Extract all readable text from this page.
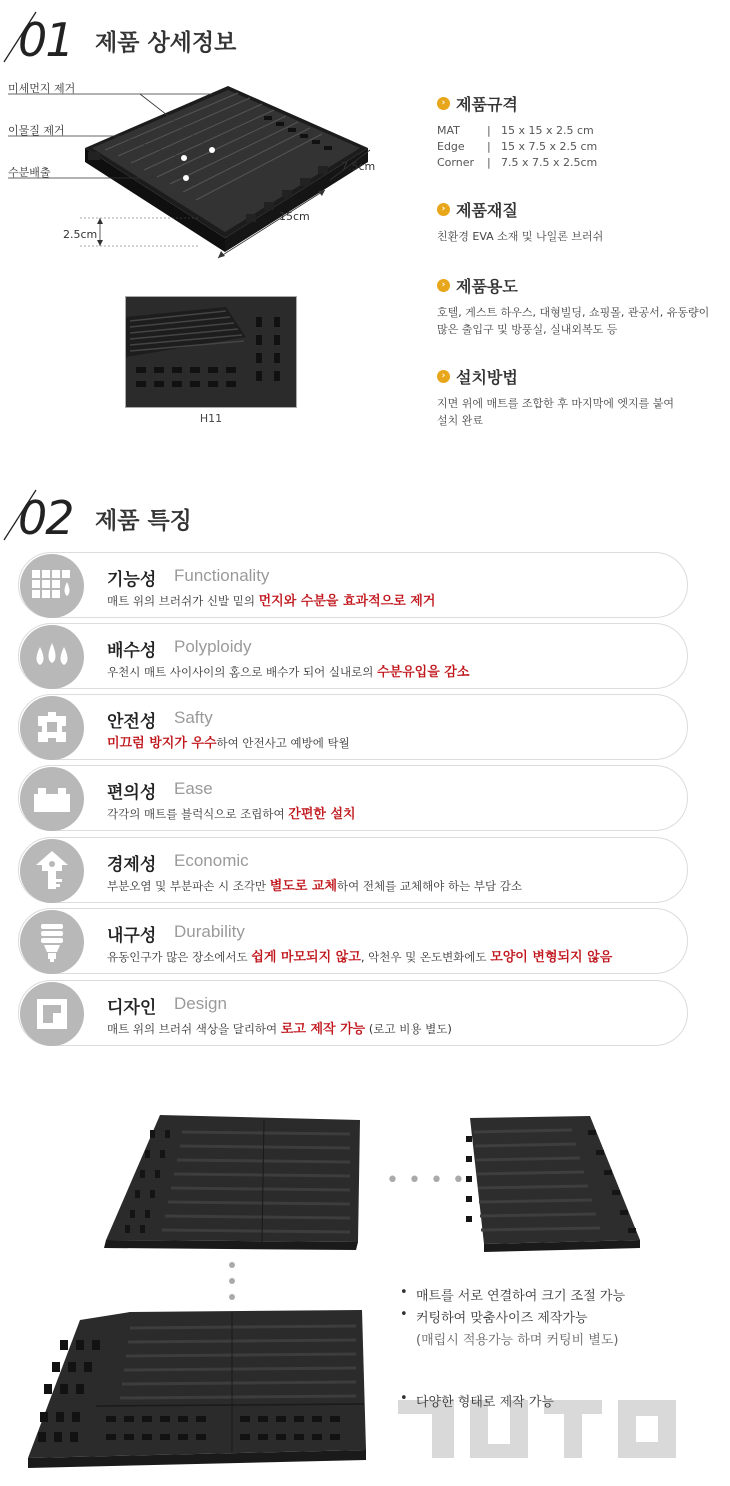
01 제품 상세정보
미세먼지 제거
이물질 제거
수분배출
2.5cm
7.5cm
15cm
H11
› 제품규격
MAT	| 15 x 15 x 2.5 cm
Edge	| 15 x 7.5 x 2.5 cm
Corner	| 7.5 x 7.5 x 2.5cm
› 제품재질
친환경 EVA 소재 및 나일론 브러쉬
› 제품용도
호텔, 게스트 하우스, 대형빌딩, 쇼핑몰, 관공서, 유동량이
많은 출입구 및 방풍실, 실내외복도 등
› 설치방법
지면 위에 매트를 조합한 후 마지막에 엣지를 붙여
설치 완료
02 제품 특징
기능성 Functionality
매트 위의 브러쉬가 신발 밑의 먼지와 수분을 효과적으로 제거
배수성 Polyploidy
우천시 매트 사이사이의 홈으로 배수가 되어 실내로의 수분유입을 감소
안전성 Safty
미끄럼 방지가 우수하여 안전사고 예방에 탁월
편의성 Ease
각각의 매트를 블럭식으로 조립하여 간편한 설치
경제성 Economic
부분오염 및 부분파손 시 조각만 별도로 교체하여 전체를 교체해야 하는 부담 감소
내구성 Durability
유동인구가 많은 장소에서도 쉽게 마모되지 않고, 악천우 및 온도변화에도 모양이 변형되지 않음
디자인 Design
매트 위의 브러쉬 색상을 달리하여 로고 제작 가능 (로고 비용 별도)
••••
• 매트를 서로 연결하여 크기 조절 가능
• 커팅하여 맞춤사이즈 제작가능
(매립시 적용가능 하며 커팅비 별도)
• 다양한 형태로 제작 가능
